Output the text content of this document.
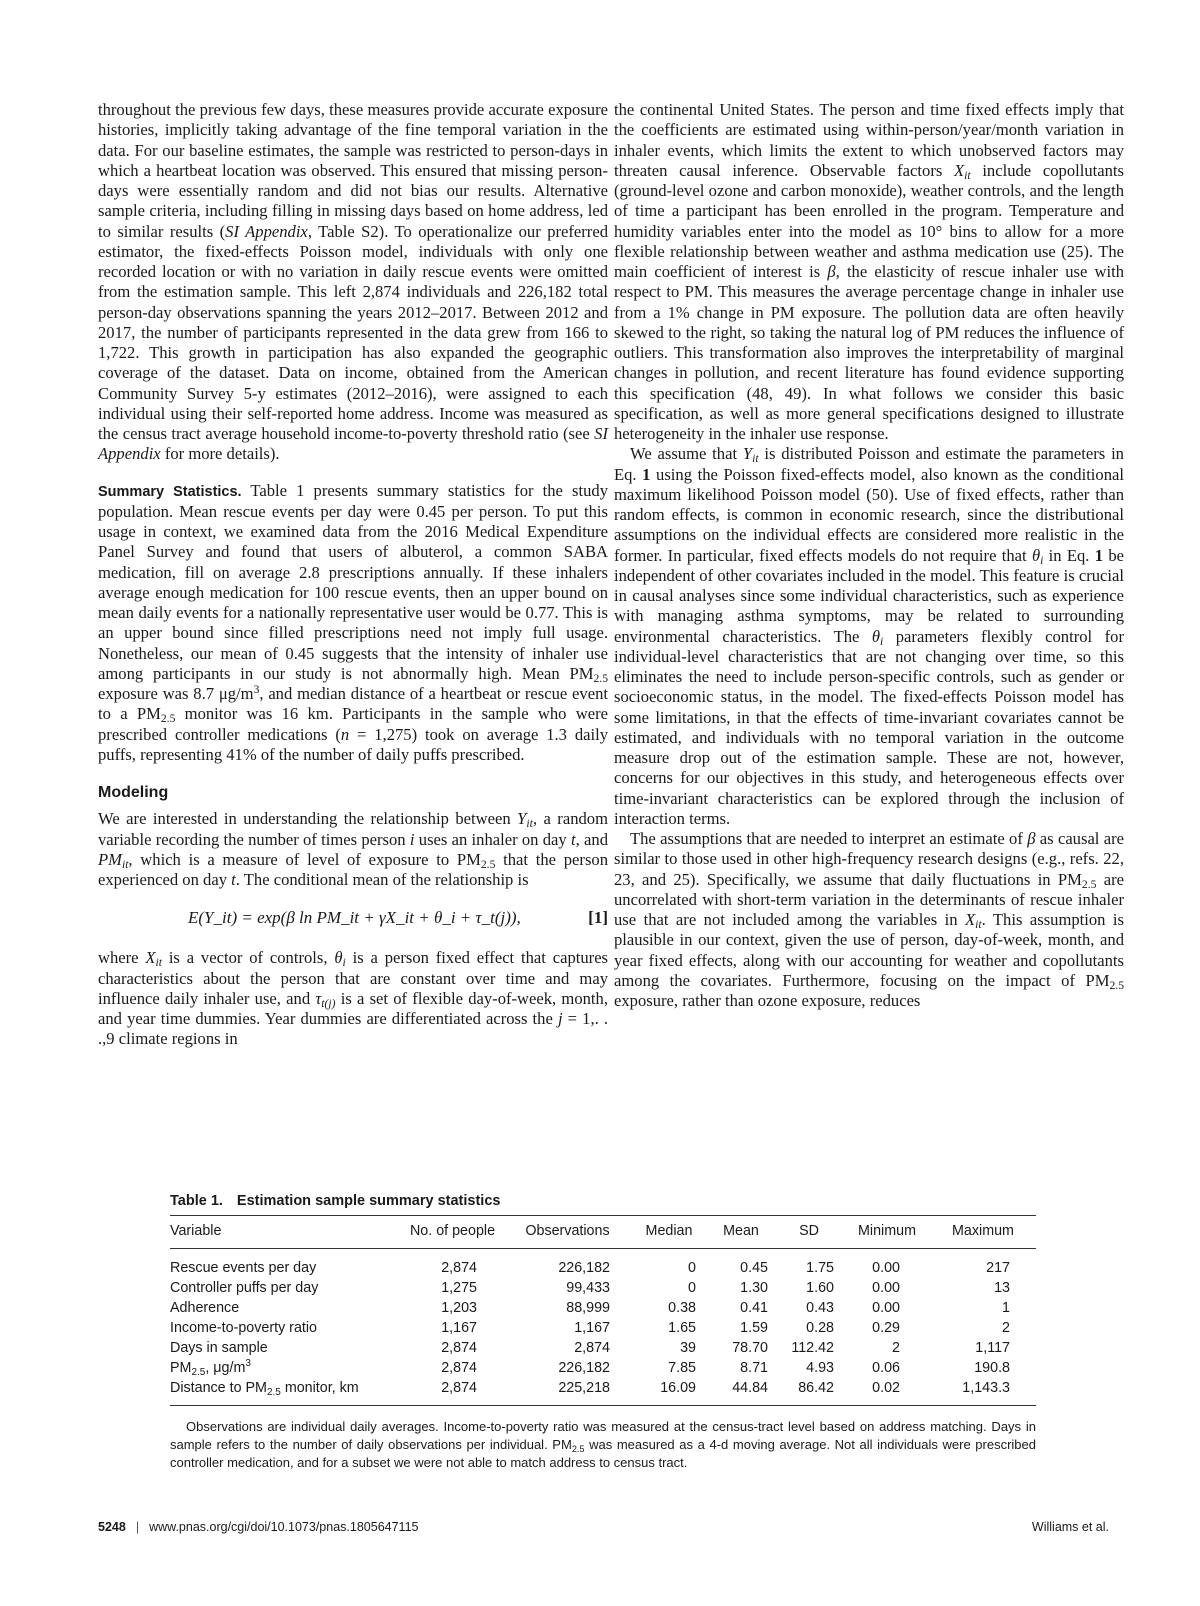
throughout the previous few days, these measures provide accurate exposure histories, implicitly taking advantage of the fine temporal variation in the data. For our baseline estimates, the sample was restricted to person-days in which a heartbeat location was observed. This ensured that missing person-days were essentially random and did not bias our results. Alternative sample criteria, including filling in missing days based on home address, led to similar results (SI Appendix, Table S2). To operationalize our preferred estimator, the fixed-effects Poisson model, individuals with only one recorded location or with no variation in daily rescue events were omitted from the estimation sample. This left 2,874 individuals and 226,182 total person-day observations spanning the years 2012–2017. Between 2012 and 2017, the number of participants represented in the data grew from 166 to 1,722. This growth in participation has also expanded the geographic coverage of the dataset. Data on income, obtained from the American Community Survey 5-y estimates (2012–2016), were assigned to each individual using their self-reported home address. Income was measured as the census tract average household income-to-poverty threshold ratio (see SI Appendix for more details).

Summary Statistics. Table 1 presents summary statistics for the study population. Mean rescue events per day were 0.45 per person. To put this usage in context, we examined data from the 2016 Medical Expenditure Panel Survey and found that users of albuterol, a common SABA medication, fill on average 2.8 prescriptions annually. If these inhalers average enough medication for 100 rescue events, then an upper bound on mean daily events for a nationally representative user would be 0.77. This is an upper bound since filled prescriptions need not imply full usage. Nonetheless, our mean of 0.45 suggests that the intensity of inhaler use among participants in our study is not abnormally high. Mean $PM_{2.5}$ exposure was 8.7 $\mu g/m^3$, and median distance of a heartbeat or rescue event to a $PM_{2.5}$ monitor was 16 km. Participants in the sample who were prescribed controller medications (n = 1,275) took on average 1.3 daily puffs, representing 41% of the number of daily puffs prescribed.

Modeling

We are interested in understanding the relationship between $Y_{it}$, a random variable recording the number of times person i uses an inhaler on day t, and $PM_{it}$, which is a measure of level of exposure to $PM_{2.5}$ that the person experienced on day t. The conditional mean of the relationship is

E(Y_it) = exp(β ln PM_it + γX_it + θ_i + τ_t(j)),	[1]

where $X_{it}$ is a vector of controls, $\theta_i$ is a person fixed effect that captures characteristics about the person that are constant over time and may influence daily inhaler use, and $\tau_{t(j)}$ is a set of flexible day-of-week, month, and year time dummies. Year dummies are differentiated across the j = 1,. . .,9 climate regions in

the continental United States. The person and time fixed effects imply that the coefficients are estimated using within-person/year/month variation in inhaler events, which limits the extent to which unobserved factors may threaten causal inference. Observable factors $X_{it}$ include copollutants (ground-level ozone and carbon monoxide), weather controls, and the length of time a participant has been enrolled in the program. Temperature and humidity variables enter into the model as 10° bins to allow for a more flexible relationship between weather and asthma medication use (25). The main coefficient of interest is β, the elasticity of rescue inhaler use with respect to PM. This measures the average percentage change in inhaler use from a 1% change in PM exposure. The pollution data are often heavily skewed to the right, so taking the natural log of PM reduces the influence of outliers. This transformation also improves the interpretability of marginal changes in pollution, and recent literature has found evidence supporting this specification (48, 49). In what follows we consider this basic specification, as well as more general specifications designed to illustrate heterogeneity in the inhaler use response.

We assume that $Y_{it}$ is distributed Poisson and estimate the parameters in Eq. 1 using the Poisson fixed-effects model, also known as the conditional maximum likelihood Poisson model (50). Use of fixed effects, rather than random effects, is common in economic research, since the distributional assumptions on the individual effects are considered more realistic in the former. In particular, fixed effects models do not require that $\theta_i$ in Eq. 1 be independent of other covariates included in the model. This feature is crucial in causal analyses since some individual characteristics, such as experience with managing asthma symptoms, may be related to surrounding environmental characteristics. The $\theta_i$ parameters flexibly control for individual-level characteristics that are not changing over time, so this eliminates the need to include person-specific controls, such as gender or socioeconomic status, in the model. The fixed-effects Poisson model has some limitations, in that the effects of time-invariant covariates cannot be estimated, and individuals with no temporal variation in the outcome measure drop out of the estimation sample. These are not, however, concerns for our objectives in this study, and heterogeneous effects over time-invariant characteristics can be explored through the inclusion of interaction terms.

The assumptions that are needed to interpret an estimate of β as causal are similar to those used in other high-frequency research designs (e.g., refs. 22, 23, and 25). Specifically, we assume that daily fluctuations in $PM_{2.5}$ are uncorrelated with short-term variation in the determinants of rescue inhaler use that are not included among the variables in $X_{it}$. This assumption is plausible in our context, given the use of person, day-of-week, month, and year fixed effects, along with our accounting for weather and copollutants among the covariates. Furthermore, focusing on the impact of $PM_{2.5}$ exposure, rather than ozone exposure, reduces

Table 1. Estimation sample summary statistics
Variable	No. of people	Observations	Median	Mean	SD	Minimum	Maximum
Rescue events per day	2,874	226,182	0	0.45	1.75	0.00	217
Controller puffs per day	1,275	99,433	0	1.30	1.60	0.00	13
Adherence	1,203	88,999	0.38	0.41	0.43	0.00	1
Income-to-poverty ratio	1,167	1,167	1.65	1.59	0.28	0.29	2
Days in sample	2,874	2,874	39	78.70	112.42	2	1,117
$PM_{2.5}$, $\mu g/m^3$	2,874	226,182	7.85	8.71	4.93	0.06	190.8
Distance to $PM_{2.5}$ monitor, km	2,874	225,218	16.09	44.84	86.42	0.02	1,143.3
Observations are individual daily averages. Income-to-poverty ratio was measured at the census-tract level based on address matching. Days in sample refers to the number of daily observations per individual. $PM_{2.5}$ was measured as a 4-d moving average. Not all individuals were prescribed controller medication, and for a subset we were not able to match address to census tract.
5248 | www.pnas.org/cgi/doi/10.1073/pnas.1805647115	Williams et al.
